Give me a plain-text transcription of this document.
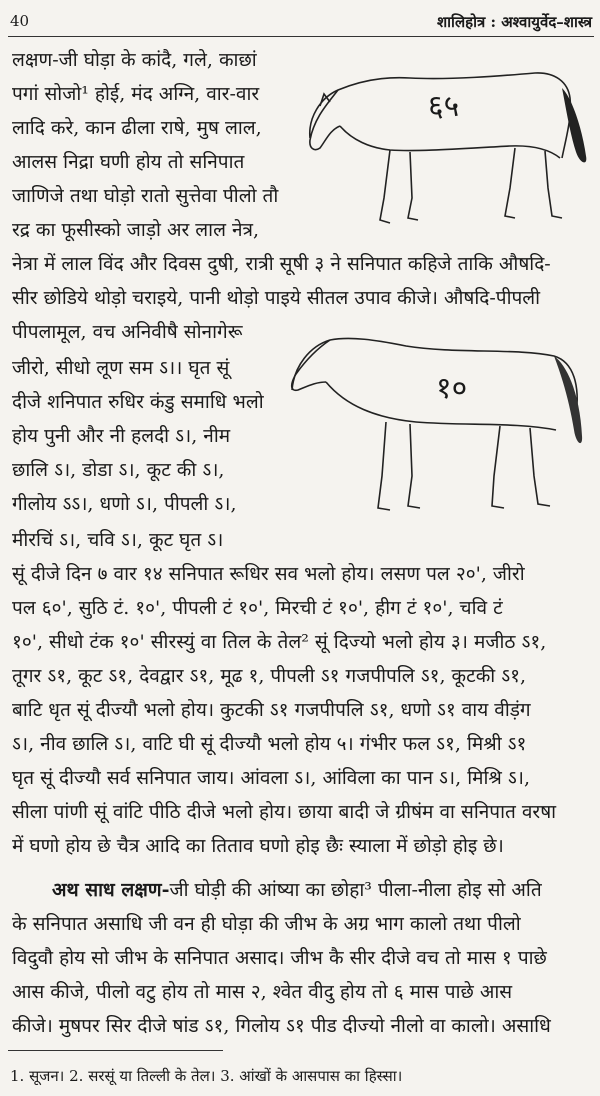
40	शालिहोत्र : अश्वायुर्वेद–शास्त्र
६५
१०
लक्षण-जी घोड़ा के कांदै, गले, काछां
पगां सोजो¹ होई, मंद अग्नि, वार-वार
लादि करे, कान ढीला राषे, मुष लाल,
आलस निद्रा घणी होय तो सनिपात
जाणिजे तथा घोड़ो रातो सुत्तेवा पीलो तौ
रद्र का फूसीस्को जाड़ो अर लाल नेत्र,
नेत्रा में लाल विंद और दिवस दुषी, रात्री सूषी ३ ने सनिपात कहिजे ताकि औषदि-
सीर छोडिये थोड़ो चराइये, पानी थोड़ो पाइये सीतल उपाव कीजे। औषदि-पीपली
पीपलामूल, वच अनिवीषै सोनागेरू
जीरो, सीधो लूण सम ऽ।। घृत सूं
दीजे शनिपात रुधिर कंडु समाधि भलो
होय पुनी और नी हलदी ऽ।, नीम
छालि ऽ।, डोडा ऽ।, कूट की ऽ।,
गीलोय ऽऽ।, धणो ऽ।, पीपली ऽ।,
मीरचिं ऽ।, चवि ऽ।, कूट घृत ऽ।
सूं दीजे दिन ७ वार १४ सनिपात रूधिर सव भलो होय। लसण पल २०', जीरो
पल ६०', सुठि टं. १०', पीपली टं १०', मिरची टं १०', हीग टं १०', चवि टं
१०', सीधो टंक १०' सीरस्युं वा तिल के तेल² सूं दिज्यो भलो होय ३। मजीठ ऽ१,
तूगर ऽ१, कूट ऽ१, देवद्वार ऽ१, मूढ १, पीपली ऽ१ गजपीपलि ऽ१, कूटकी ऽ१,
बाटि धृत सूं दीज्यौ भलो होय। कुटकी ऽ१ गजपीपलि ऽ१, धणो ऽ१ वाय वीड़ंग
ऽ।, नीव छालि ऽ।, वाटि घी सूं दीज्यौ भलो होय ५। गंभीर फल ऽ१, मिश्री ऽ१
घृत सूं दीज्यौ सर्व सनिपात जाय। आंवला ऽ।, आंविला का पान ऽ।, मिश्रि ऽ।,
सीला पांणी सूं वांटि पीठि दीजे भलो होय। छाया बादी जे ग्रीषंम वा सनिपात वरषा
में घणो होय छे चैत्र आदि का तिताव घणो होइ छैः स्याला में छोड़ो होइ छे।
अथ साध लक्षण-जी घोड़ी की आंष्या का छोहा³ पीला-नीला होइ सो अति
के सनिपात असाधि जी वन ही घोड़ा की जीभ के अग्र भाग कालो तथा पीलो
विदुवौ होय सो जीभ के सनिपात असाद। जीभ कै सीर दीजे वच तो मास १ पाछे
आस कीजे, पीलो वटु होय तो मास २, श्वेत वीदु होय तो ६ मास पाछे आस
कीजे। मुषपर सिर दीजे षांड ऽ१, गिलोय ऽ१ पीड दीज्यो नीलो वा कालो। असाधि
1. सूजन। 2. सरसूं या तिल्ली के तेल। 3. आंखों के आसपास का हिस्सा।
